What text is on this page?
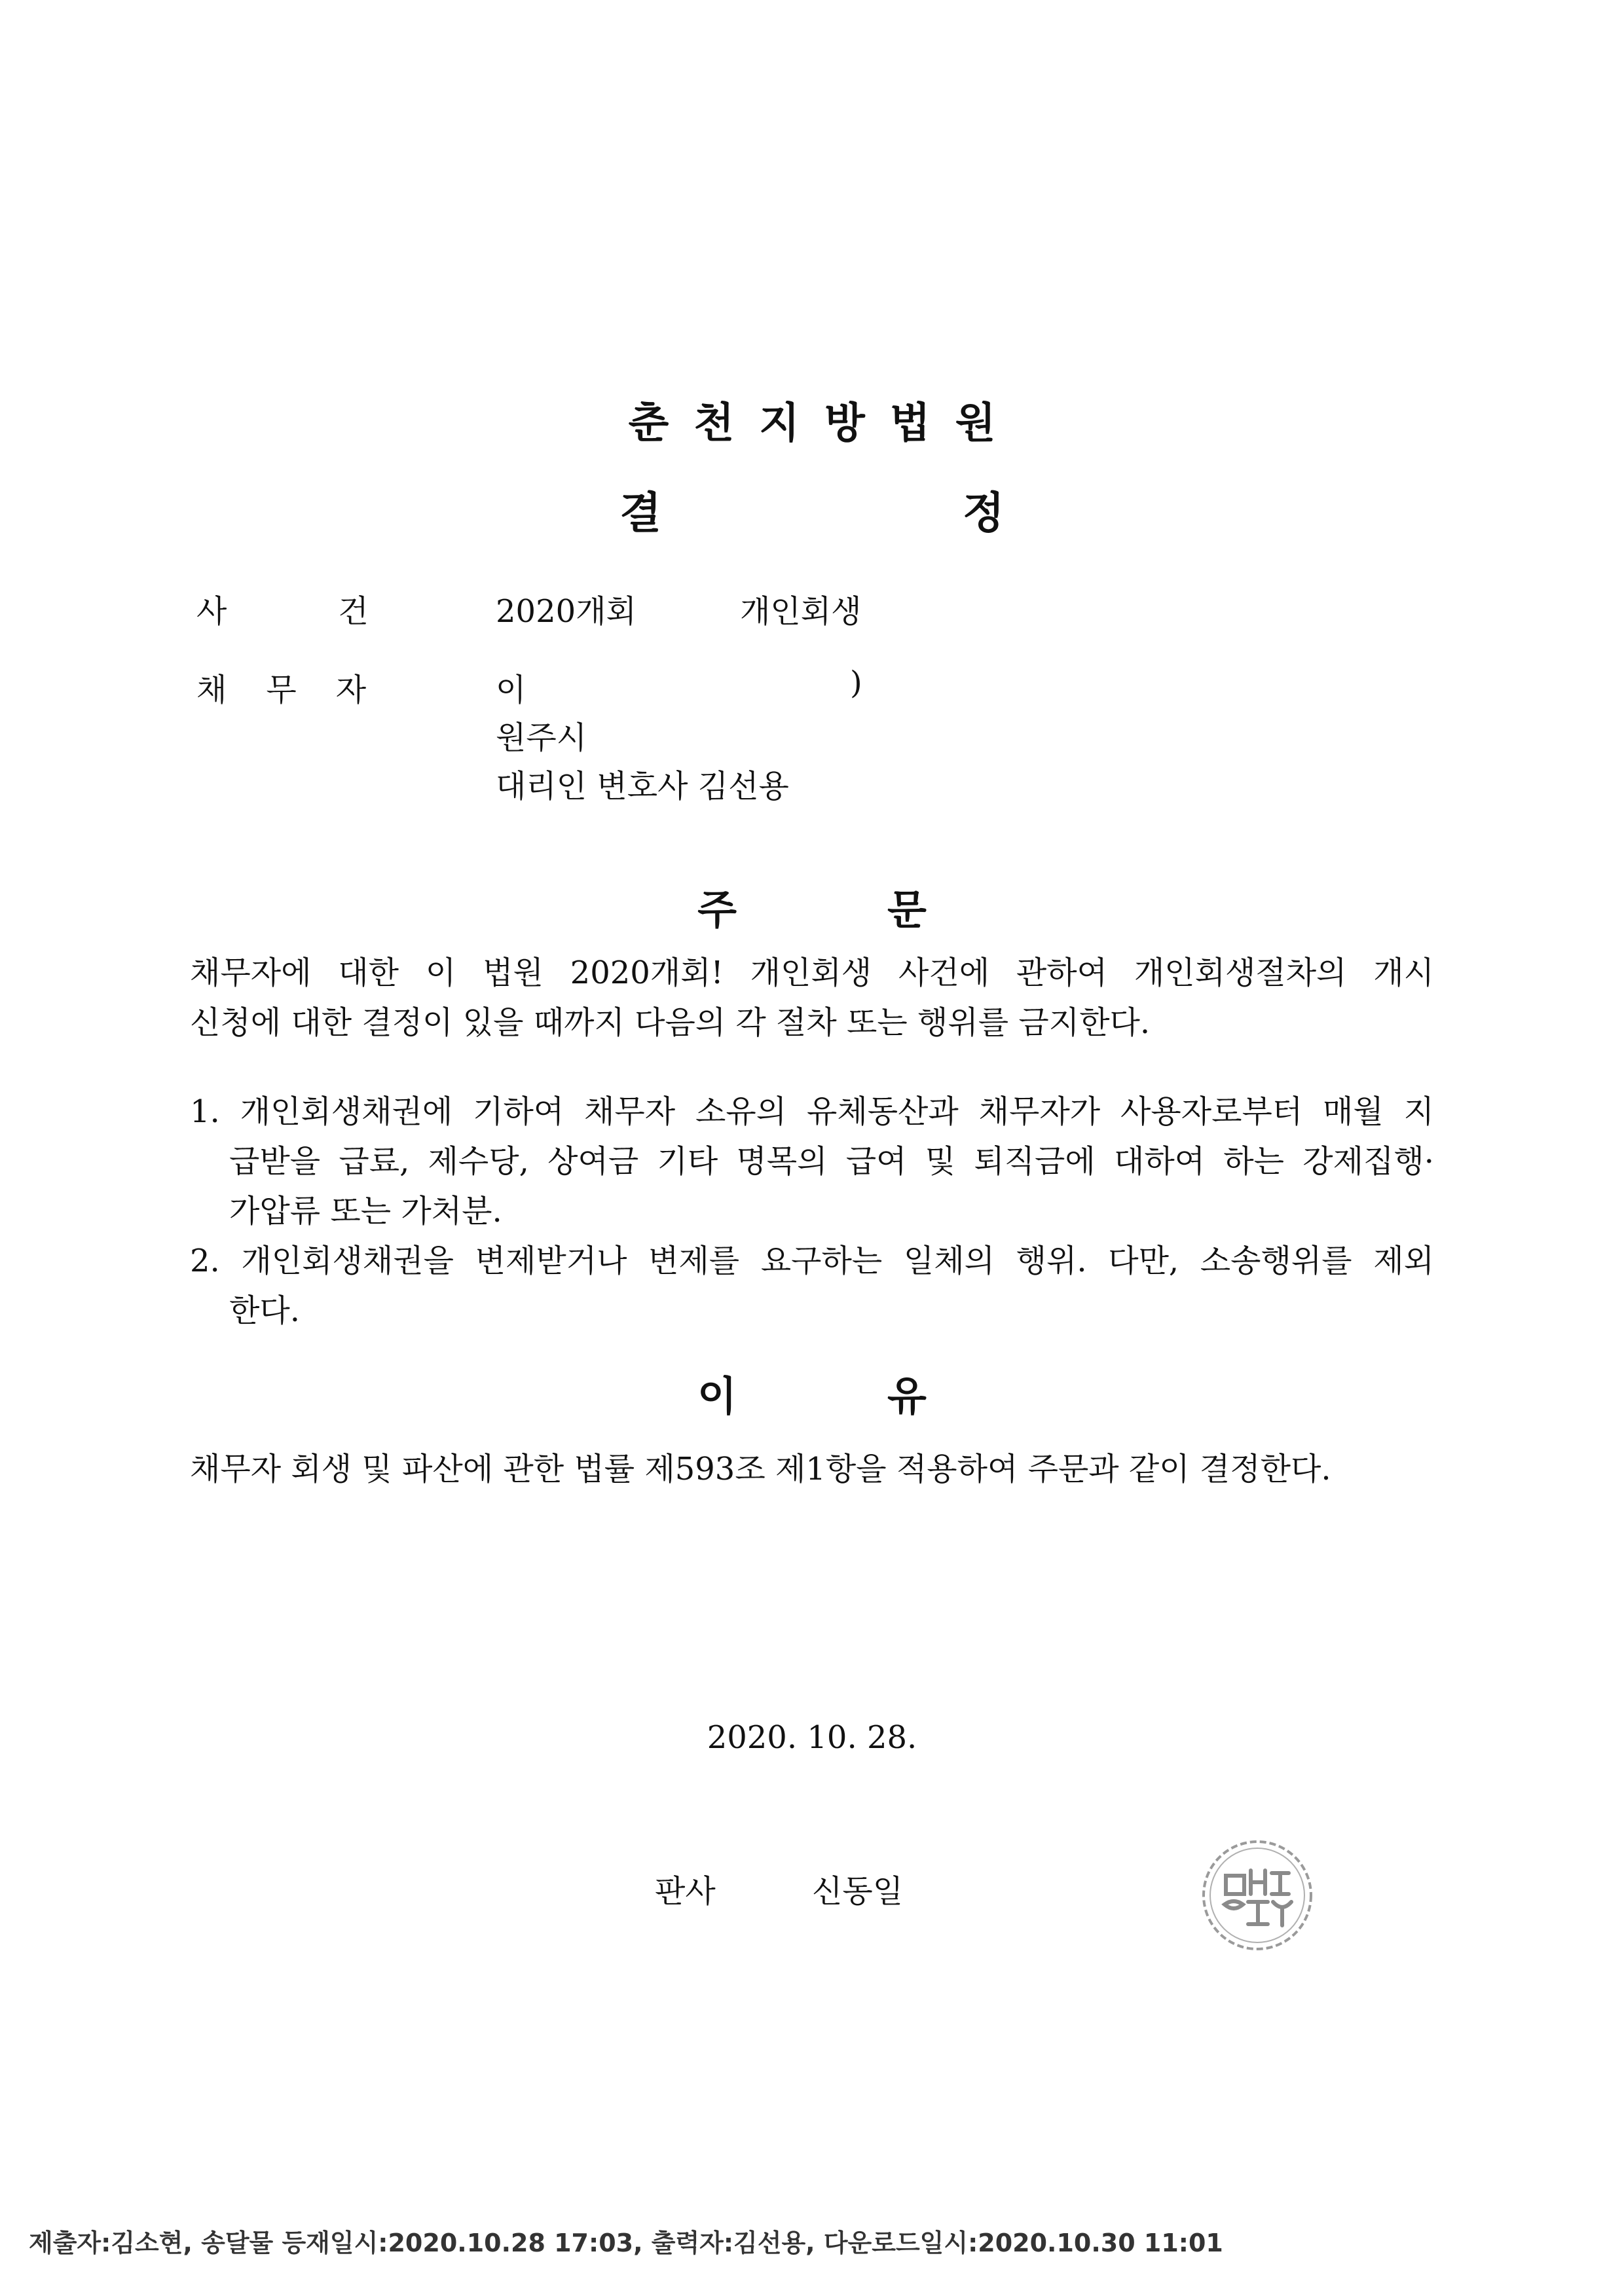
춘천지방법원
결	정
사	건	2020개회	개인회생
채 무 자	이	)
원주시
대리인 변호사 김선용
주	문
채무자에 대한 이 법원 2020개회! 개인회생 사건에 관하여 개인회생절차의 개시
신청에 대한 결정이 있을 때까지 다음의 각 절차 또는 행위를 금지한다.
1. 개인회생채권에 기하여 채무자 소유의 유체동산과 채무자가 사용자로부터 매월 지
급받을 급료, 제수당, 상여금 기타 명목의 급여 및 퇴직금에 대하여 하는 강제집행·
가압류 또는 가처분.
2. 개인회생채권을 변제받거나 변제를 요구하는 일체의 행위. 다만, 소송행위를 제외
한다.
이	유
채무자 회생 및 파산에 관한 법률 제593조 제1항을 적용하여 주문과 같이 결정한다.
2020. 10. 28.
판사	신동일
제출자:김소현, 송달물 등재일시:2020.10.28 17:03, 출력자:김선용, 다운로드일시:2020.10.30 11:01
